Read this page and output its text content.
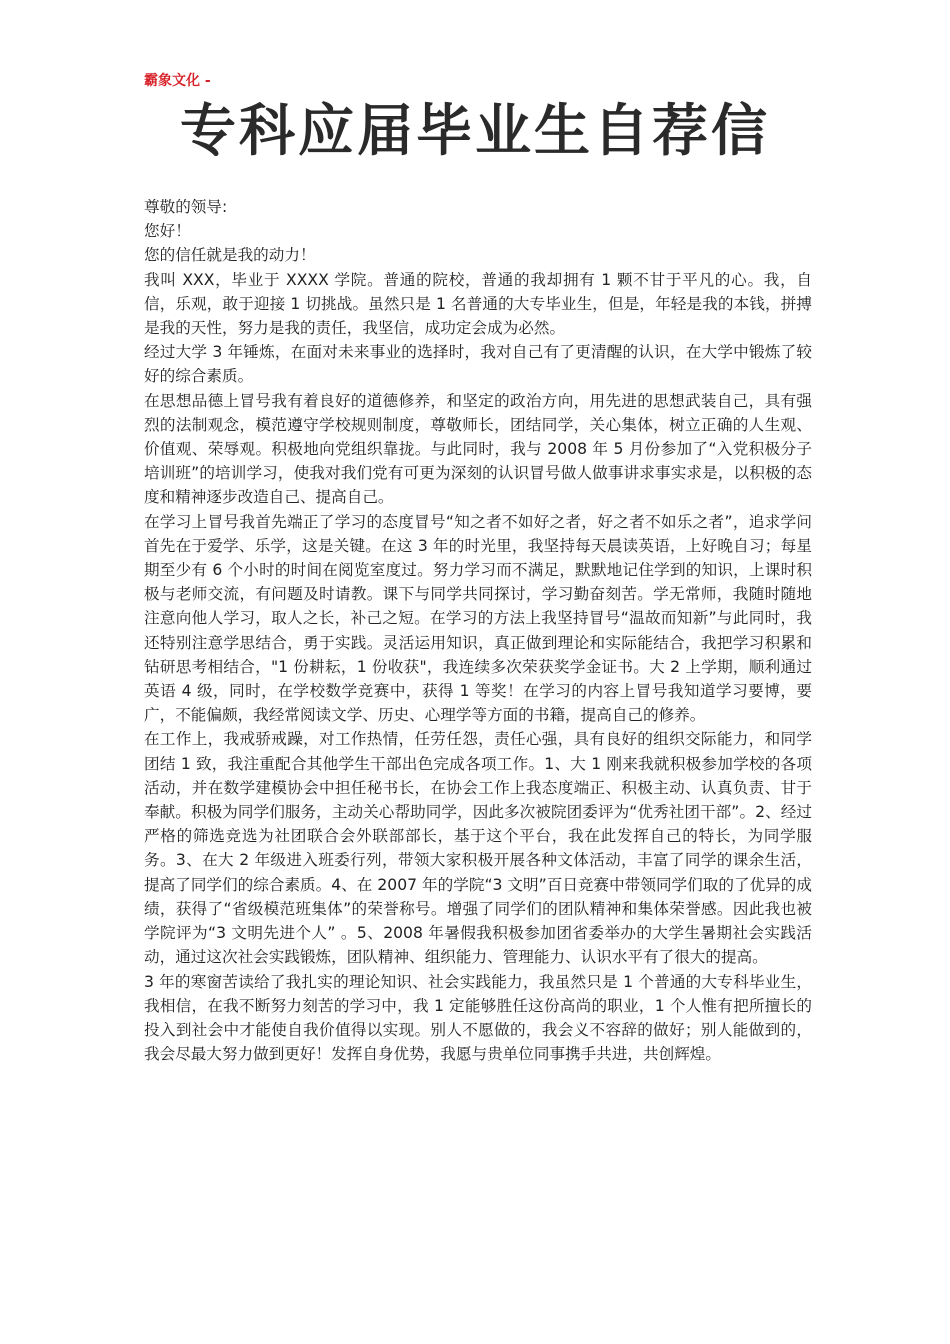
霸象文化 -
专科应届毕业生自荐信

尊敬的领导:

您好！

您的信任就是我的动力！

我叫 XXX，毕业于 XXXX 学院。普通的院校，普通的我却拥有 1 颗不甘于平凡的心。我，自信，乐观，敢于迎接 1 切挑战。虽然只是 1 名普通的大专毕业生，但是，年轻是我的本钱，拼搏是我的天性，努力是我的责任，我坚信，成功定会成为必然。

经过大学 3 年锤炼，在面对未来事业的选择时，我对自己有了更清醒的认识，在大学中锻炼了较好的综合素质。

在思想品德上冒号我有着良好的道德修养，和坚定的政治方向，用先进的思想武装自己，具有强烈的法制观念，模范遵守学校规则制度，尊敬师长，团结同学，关心集体，树立正确的人生观、价值观、荣辱观。积极地向党组织靠拢。与此同时，我与 2008 年 5 月份参加了“入党积极分子培训班”的培训学习，使我对我们党有可更为深刻的认识冒号做人做事讲求事实求是，以积极的态度和精神逐步改造自己、提高自己。

在学习上冒号我首先端正了学习的态度冒号“知之者不如好之者，好之者不如乐之者”，追求学问首先在于爱学、乐学，这是关键。在这 3 年的时光里，我坚持每天晨读英语，上好晚自习；每星期至少有 6 个小时的时间在阅览室度过。努力学习而不满足，默默地记住学到的知识，上课时积极与老师交流，有问题及时请教。课下与同学共同探讨，学习勤奋刻苦。学无常师，我随时随地注意向他人学习，取人之长，补己之短。在学习的方法上我坚持冒号“温故而知新”与此同时，我还特别注意学思结合，勇于实践。灵活运用知识，真正做到理论和实际能结合，我把学习积累和钻研思考相结合，"1 份耕耘，1 份收获"，我连续多次荣获奖学金证书。大 2 上学期，顺利通过英语 4 级，同时，在学校数学竞赛中，获得 1 等奖！在学习的内容上冒号我知道学习要博，要广，不能偏颇，我经常阅读文学、历史、心理学等方面的书籍，提高自己的修养。

在工作上，我戒骄戒躁，对工作热情，任劳任怨，责任心强，具有良好的组织交际能力，和同学团结 1 致，我注重配合其他学生干部出色完成各项工作。1、大 1 刚来我就积极参加学校的各项活动，并在数学建模协会中担任秘书长，在协会工作上我态度端正、积极主动、认真负责、甘于奉献。积极为同学们服务，主动关心帮助同学，因此多次被院团委评为“优秀社团干部”。2、经过严格的筛选竞选为社团联合会外联部部长，基于这个平台，我在此发挥自己的特长，为同学服务。3、在大 2 年级进入班委行列，带领大家积极开展各种文体活动，丰富了同学的课余生活，提高了同学们的综合素质。4、在 2007 年的学院“3 文明”百日竞赛中带领同学们取的了优异的成绩，获得了“省级模范班集体”的荣誉称号。增强了同学们的团队精神和集体荣誉感。因此我也被学院评为“3 文明先进个人” 。5、2008 年暑假我积极参加团省委举办的大学生暑期社会实践活动，通过这次社会实践锻炼，团队精神、组织能力、管理能力、认识水平有了很大的提高。

3 年的寒窗苦读给了我扎实的理论知识、社会实践能力，我虽然只是 1 个普通的大专科毕业生，我相信，在我不断努力刻苦的学习中，我 1 定能够胜任这份高尚的职业，1 个人惟有把所擅长的投入到社会中才能使自我价值得以实现。别人不愿做的，我会义不容辞的做好；别人能做到的，我会尽最大努力做到更好！发挥自身优势，我愿与贵单位同事携手共进，共创辉煌。
